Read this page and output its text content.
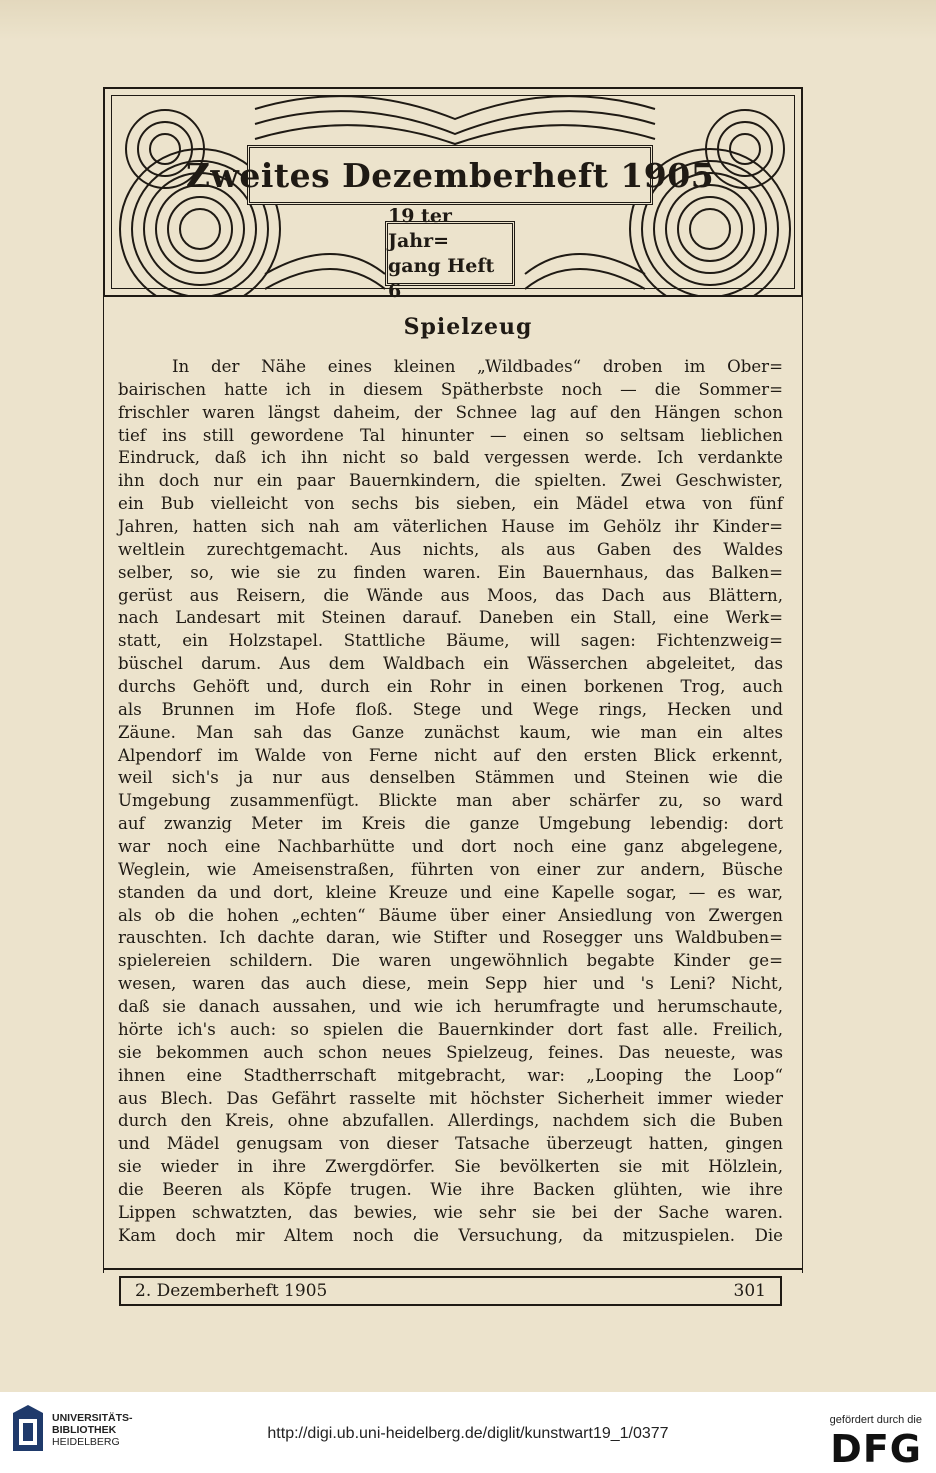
Zweites Dezemberheft 1905
19 ter Jahr=
gang Heft 6
Spielzeug
In der Nähe eines kleinen „Wildbades“ droben im Ober=
bairischen hatte ich in diesem Spätherbste noch — die Sommer=
frischler waren längst daheim, der Schnee lag auf den Hängen schon
tief ins still gewordene Tal hinunter — einen so seltsam lieblichen
Eindruck, daß ich ihn nicht so bald vergessen werde. Ich verdankte
ihn doch nur ein paar Bauernkindern, die spielten. Zwei Geschwister,
ein Bub vielleicht von sechs bis sieben, ein Mädel etwa von fünf
Jahren, hatten sich nah am väterlichen Hause im Gehölz ihr Kinder=
weltlein zurechtgemacht. Aus nichts, als aus Gaben des Waldes
selber, so, wie sie zu finden waren. Ein Bauernhaus, das Balken=
gerüst aus Reisern, die Wände aus Moos, das Dach aus Blättern,
nach Landesart mit Steinen darauf. Daneben ein Stall, eine Werk=
statt, ein Holzstapel. Stattliche Bäume, will sagen: Fichtenzweig=
büschel darum. Aus dem Waldbach ein Wässerchen abgeleitet, das
durchs Gehöft und, durch ein Rohr in einen borkenen Trog, auch
als Brunnen im Hofe floß. Stege und Wege rings, Hecken und
Zäune. Man sah das Ganze zunächst kaum, wie man ein altes
Alpendorf im Walde von Ferne nicht auf den ersten Blick erkennt,
weil sich's ja nur aus denselben Stämmen und Steinen wie die
Umgebung zusammenfügt. Blickte man aber schärfer zu, so ward
auf zwanzig Meter im Kreis die ganze Umgebung lebendig: dort
war noch eine Nachbarhütte und dort noch eine ganz abgelegene,
Weglein, wie Ameisenstraßen, führten von einer zur andern, Büsche
standen da und dort, kleine Kreuze und eine Kapelle sogar, — es war,
als ob die hohen „echten“ Bäume über einer Ansiedlung von Zwergen
rauschten. Ich dachte daran, wie Stifter und Rosegger uns Waldbuben=
spielereien schildern. Die waren ungewöhnlich begabte Kinder ge=
wesen, waren das auch diese, mein Sepp hier und 's Leni? Nicht,
daß sie danach aussahen, und wie ich herumfragte und herumschaute,
hörte ich's auch: so spielen die Bauernkinder dort fast alle. Freilich,
sie bekommen auch schon neues Spielzeug, feines. Das neueste, was
ihnen eine Stadtherrschaft mitgebracht, war: „Looping the Loop“
aus Blech. Das Gefährt rasselte mit höchster Sicherheit immer wieder
durch den Kreis, ohne abzufallen. Allerdings, nachdem sich die Buben
und Mädel genugsam von dieser Tatsache überzeugt hatten, gingen
sie wieder in ihre Zwergdörfer. Sie bevölkerten sie mit Hölzlein,
die Beeren als Köpfe trugen. Wie ihre Backen glühten, wie ihre
Lippen schwatzten, das bewies, wie sehr sie bei der Sache waren.
Kam doch mir Altem noch die Versuchung, da mitzuspielen. Die
2. Dezemberheft 1905	301
UNIVERSITÄTS-
BIBLIOTHEK
HEIDELBERG	http://digi.ub.uni-heidelberg.de/diglit/kunstwart19_1/0377
gefördert durch die
DFG
